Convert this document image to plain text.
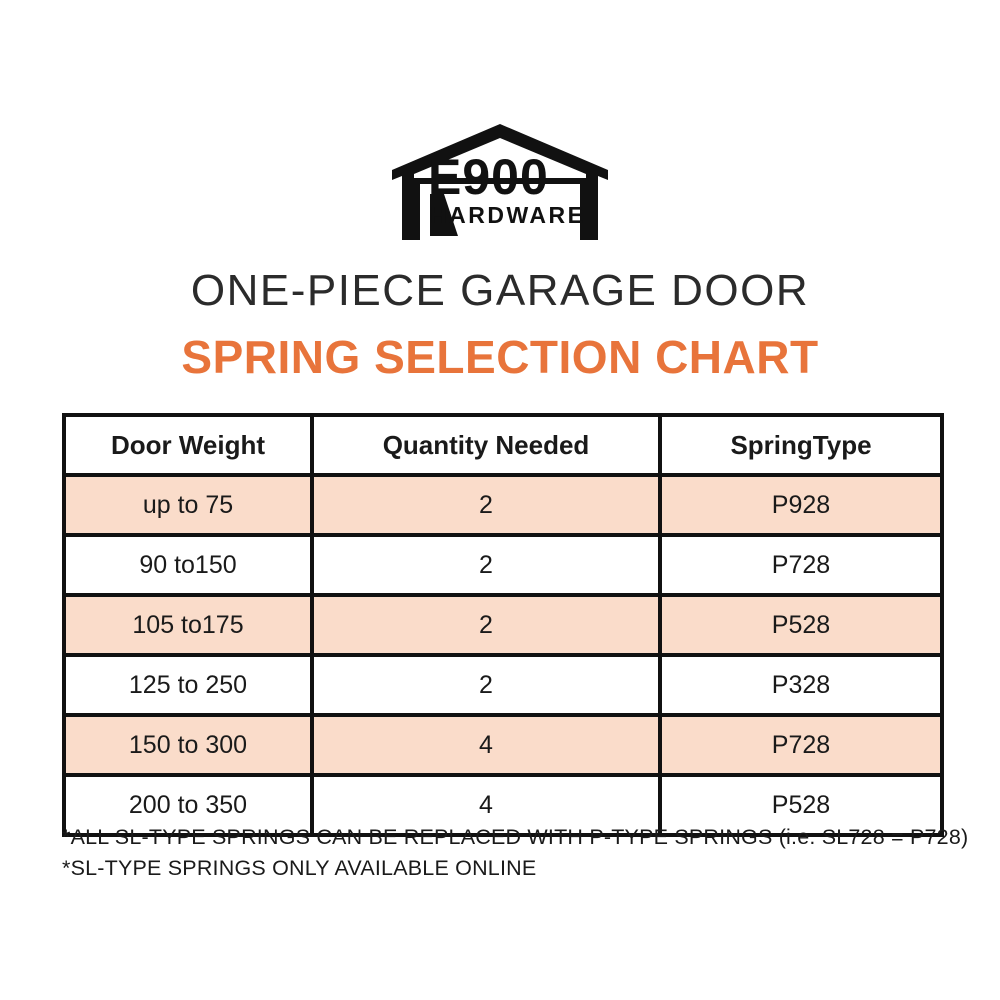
E900
HARDWARE
ONE-PIECE GARAGE DOOR
SPRING SELECTION CHART
Door Weight	Quantity Needed	SpringType
up to 75	2	P928
90 to150	2	P728
105 to175	2	P528
125 to 250	2	P328
150 to 300	4	P728
200 to 350	4	P528
*ALL SL-TYPE SPRINGS CAN BE REPLACED WITH P-TYPE SPRINGS (i.e. SL728 = P728)
*SL-TYPE SPRINGS ONLY AVAILABLE ONLINE
